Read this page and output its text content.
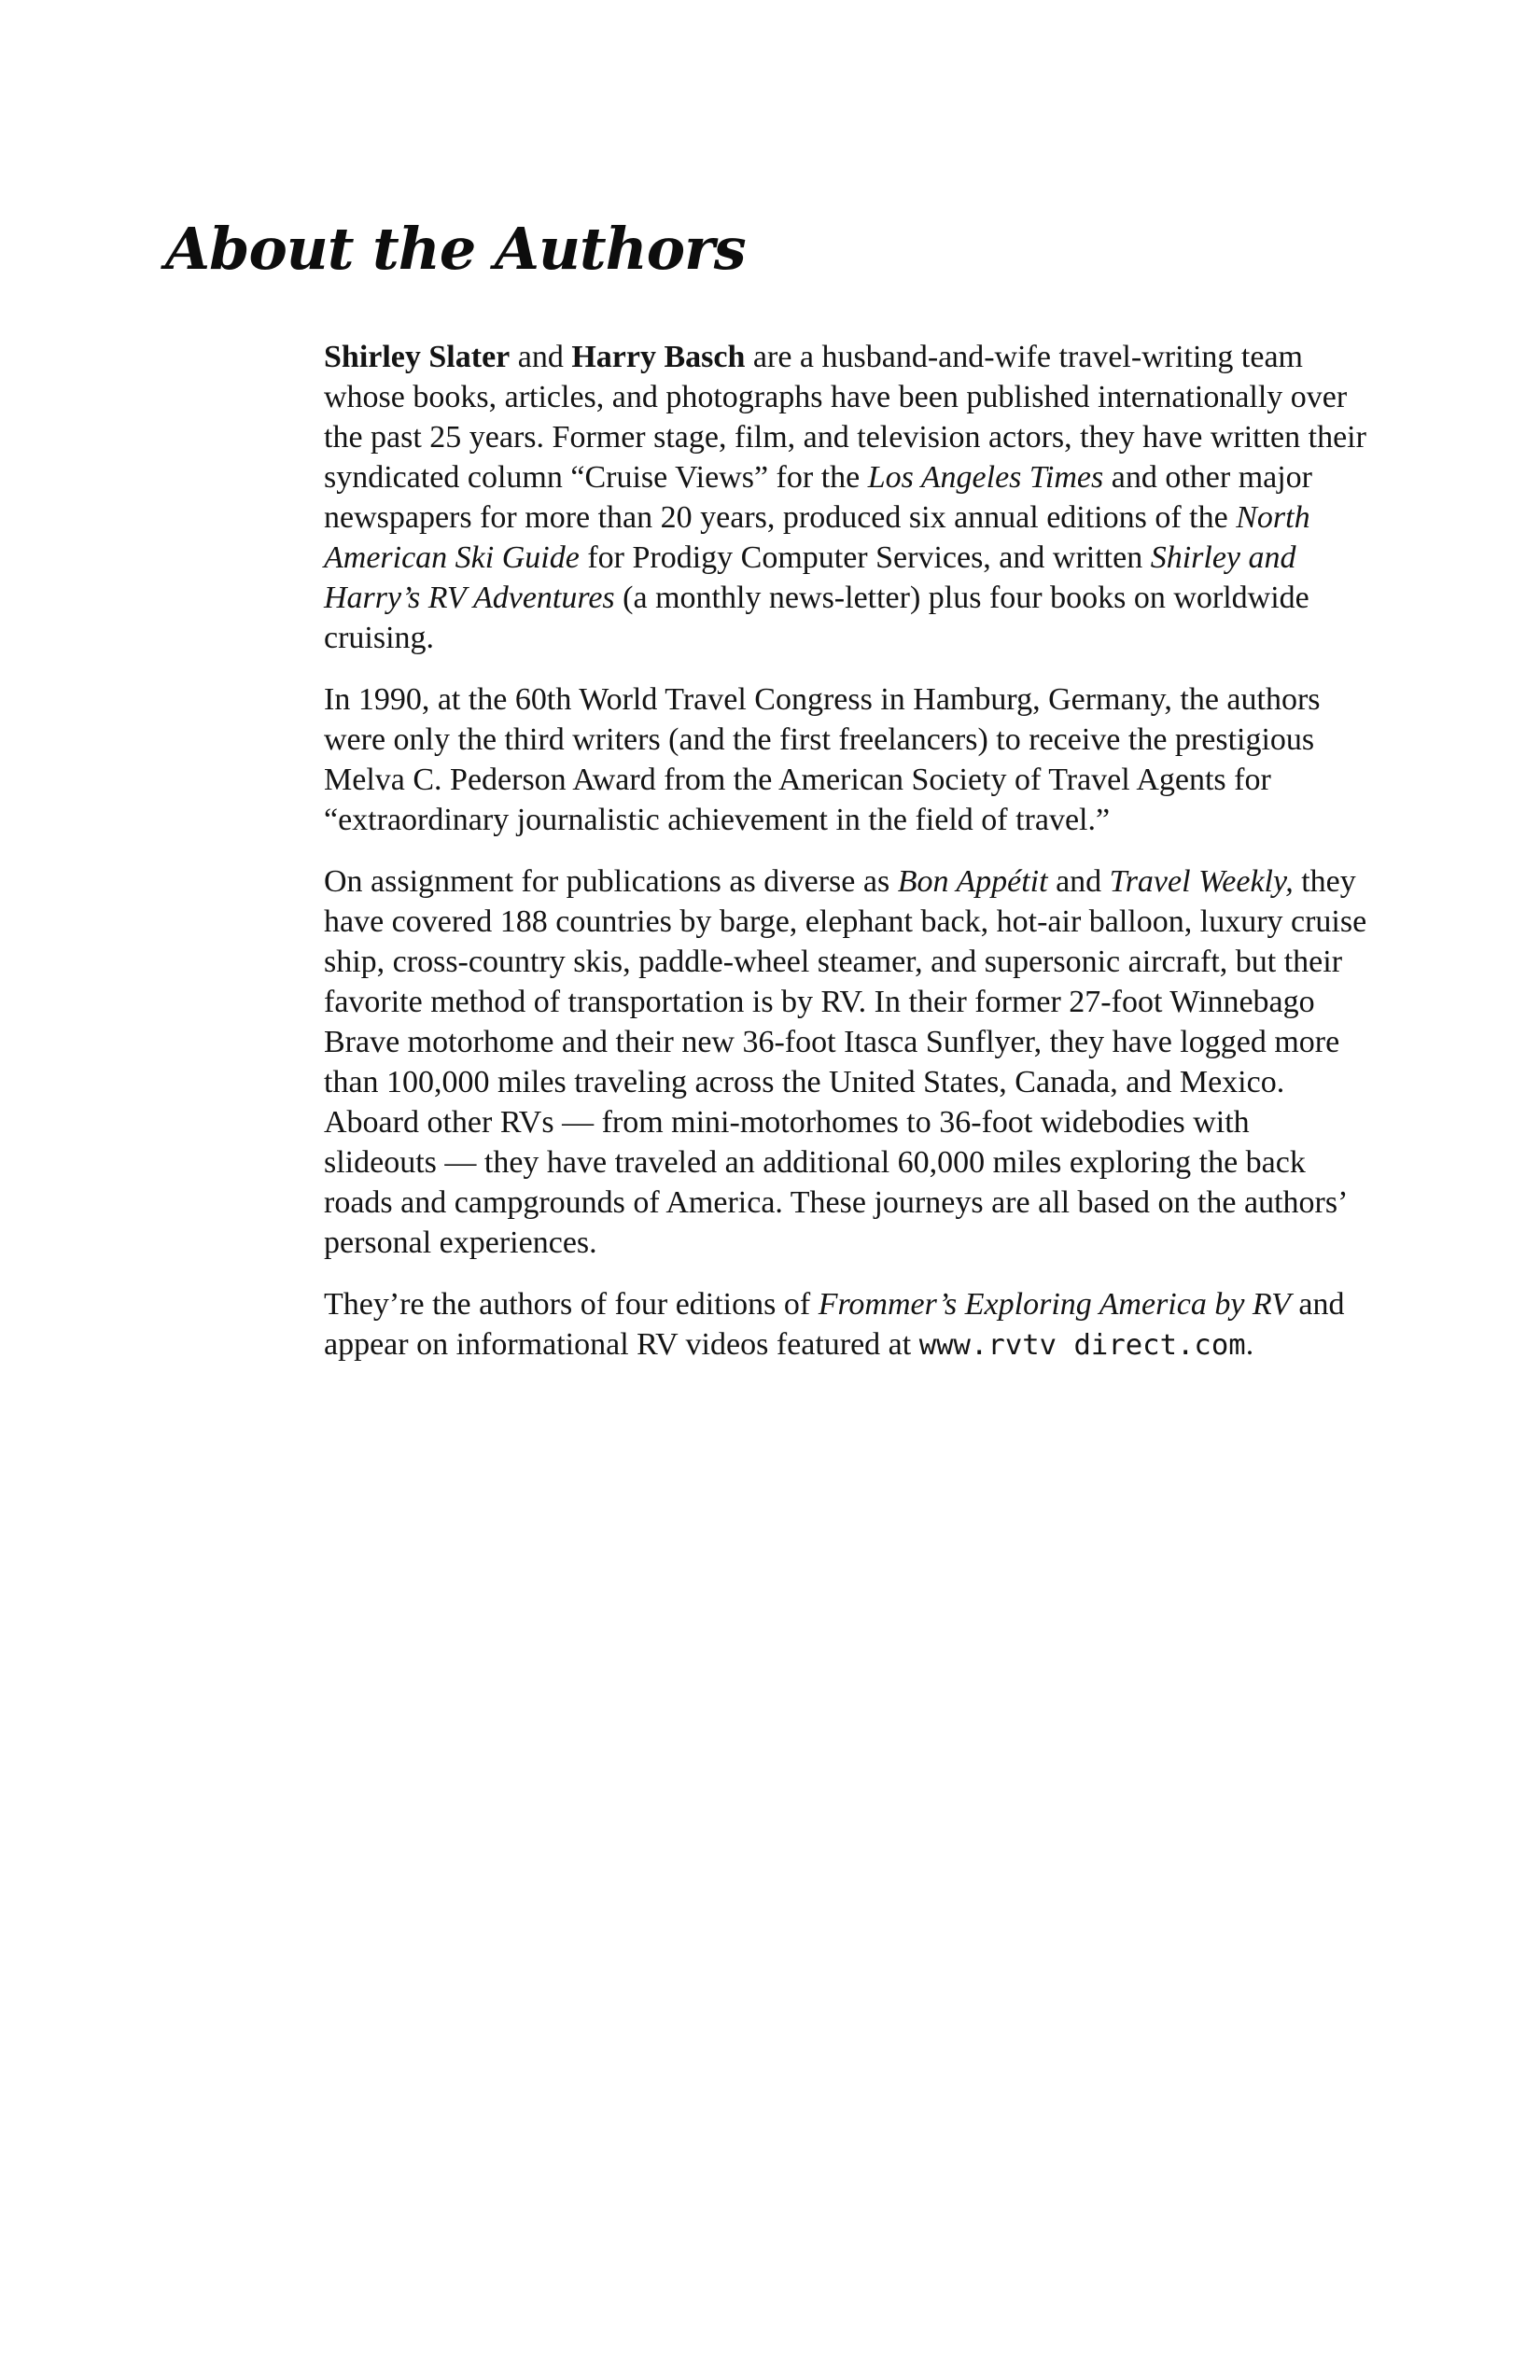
About the Authors

Shirley Slater and Harry Basch are a husband-and-wife travel-writing team whose books, articles, and photographs have been published internationally over the past 25 years. Former stage, film, and television actors, they have written their syndicated column “Cruise Views” for the Los Angeles Times and other major newspapers for more than 20 years, produced six annual editions of the North American Ski Guide for Prodigy Computer Services, and written Shirley and Harry’s RV Adventures (a monthly news-letter) plus four books on worldwide cruising.

In 1990, at the 60th World Travel Congress in Hamburg, Germany, the authors were only the third writers (and the first freelancers) to receive the prestigious Melva C. Pederson Award from the American Society of Travel Agents for “extraordinary journalistic achievement in the field of travel.”

On assignment for publications as diverse as Bon Appétit and Travel Weekly, they have covered 188 countries by barge, elephant back, hot-air balloon, luxury cruise ship, cross-country skis, paddle-wheel steamer, and supersonic aircraft, but their favorite method of transportation is by RV. In their former 27-foot Winnebago Brave motorhome and their new 36-foot Itasca Sunflyer, they have logged more than 100,000 miles traveling across the United States, Canada, and Mexico. Aboard other RVs — from mini-motorhomes to 36-foot widebodies with slideouts — they have traveled an additional 60,000 miles exploring the back roads and campgrounds of America. These journeys are all based on the authors’ personal experiences.

They’re the authors of four editions of Frommer’s Exploring America by RV and appear on informational RV videos featured at www.rvtv direct.com.
